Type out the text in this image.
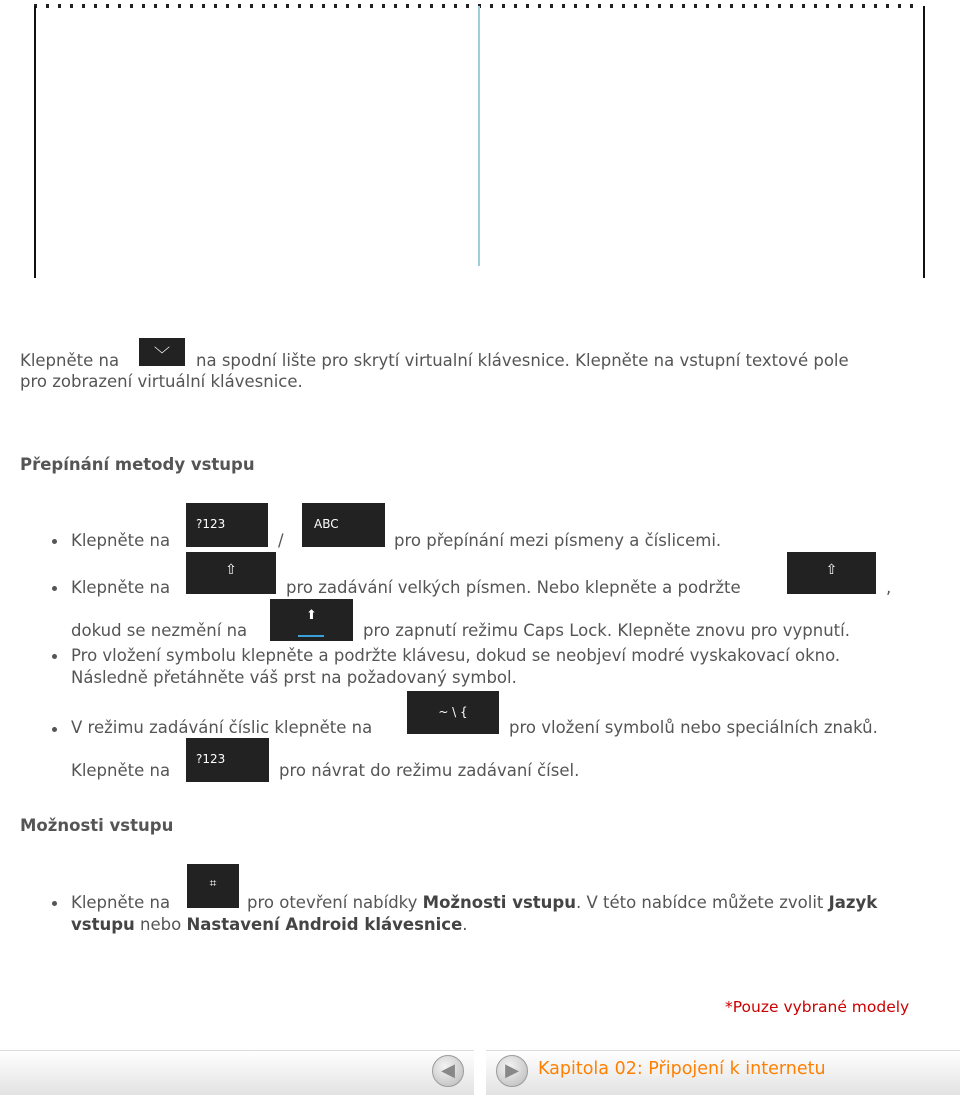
Klepněte na	﹀	na spodní lište pro skrytí virtualní klávesnice. Klepněte na vstupní textové pole
pro zobrazení virtuální klávesnice.
Přepínání metody vstupu
Klepněte na
?123
/
ABC
pro přepínání mezi písmeny a číslicemi.
Klepněte na
⇧
pro zadávání velkých písmen. Nebo klepněte a podržte
⇧
,
dokud se nezmění na
⬆
pro zapnutí režimu Caps Lock. Klepněte znovu pro vypnutí.
Pro vložení symbolu klepněte a podržte klávesu, dokud se neobjeví modré vyskakovací okno.
Následně přetáhněte váš prst na požadovaný symbol.
V režimu zadávání číslic klepněte na
~ \ {
pro vložení symbolů nebo speciálních znaků.
Klepněte na
?123
pro návrat do režimu zadávaní čísel.
Možnosti vstupu
Klepněte na
⌗
pro otevření nabídky Možnosti vstupu. V této nabídce můžete zvolit Jazyk
vstupu nebo Nastavení Android klávesnice.
*Pouze vybrané modely
◀	▶	Kapitola 02: Připojení k internetu
